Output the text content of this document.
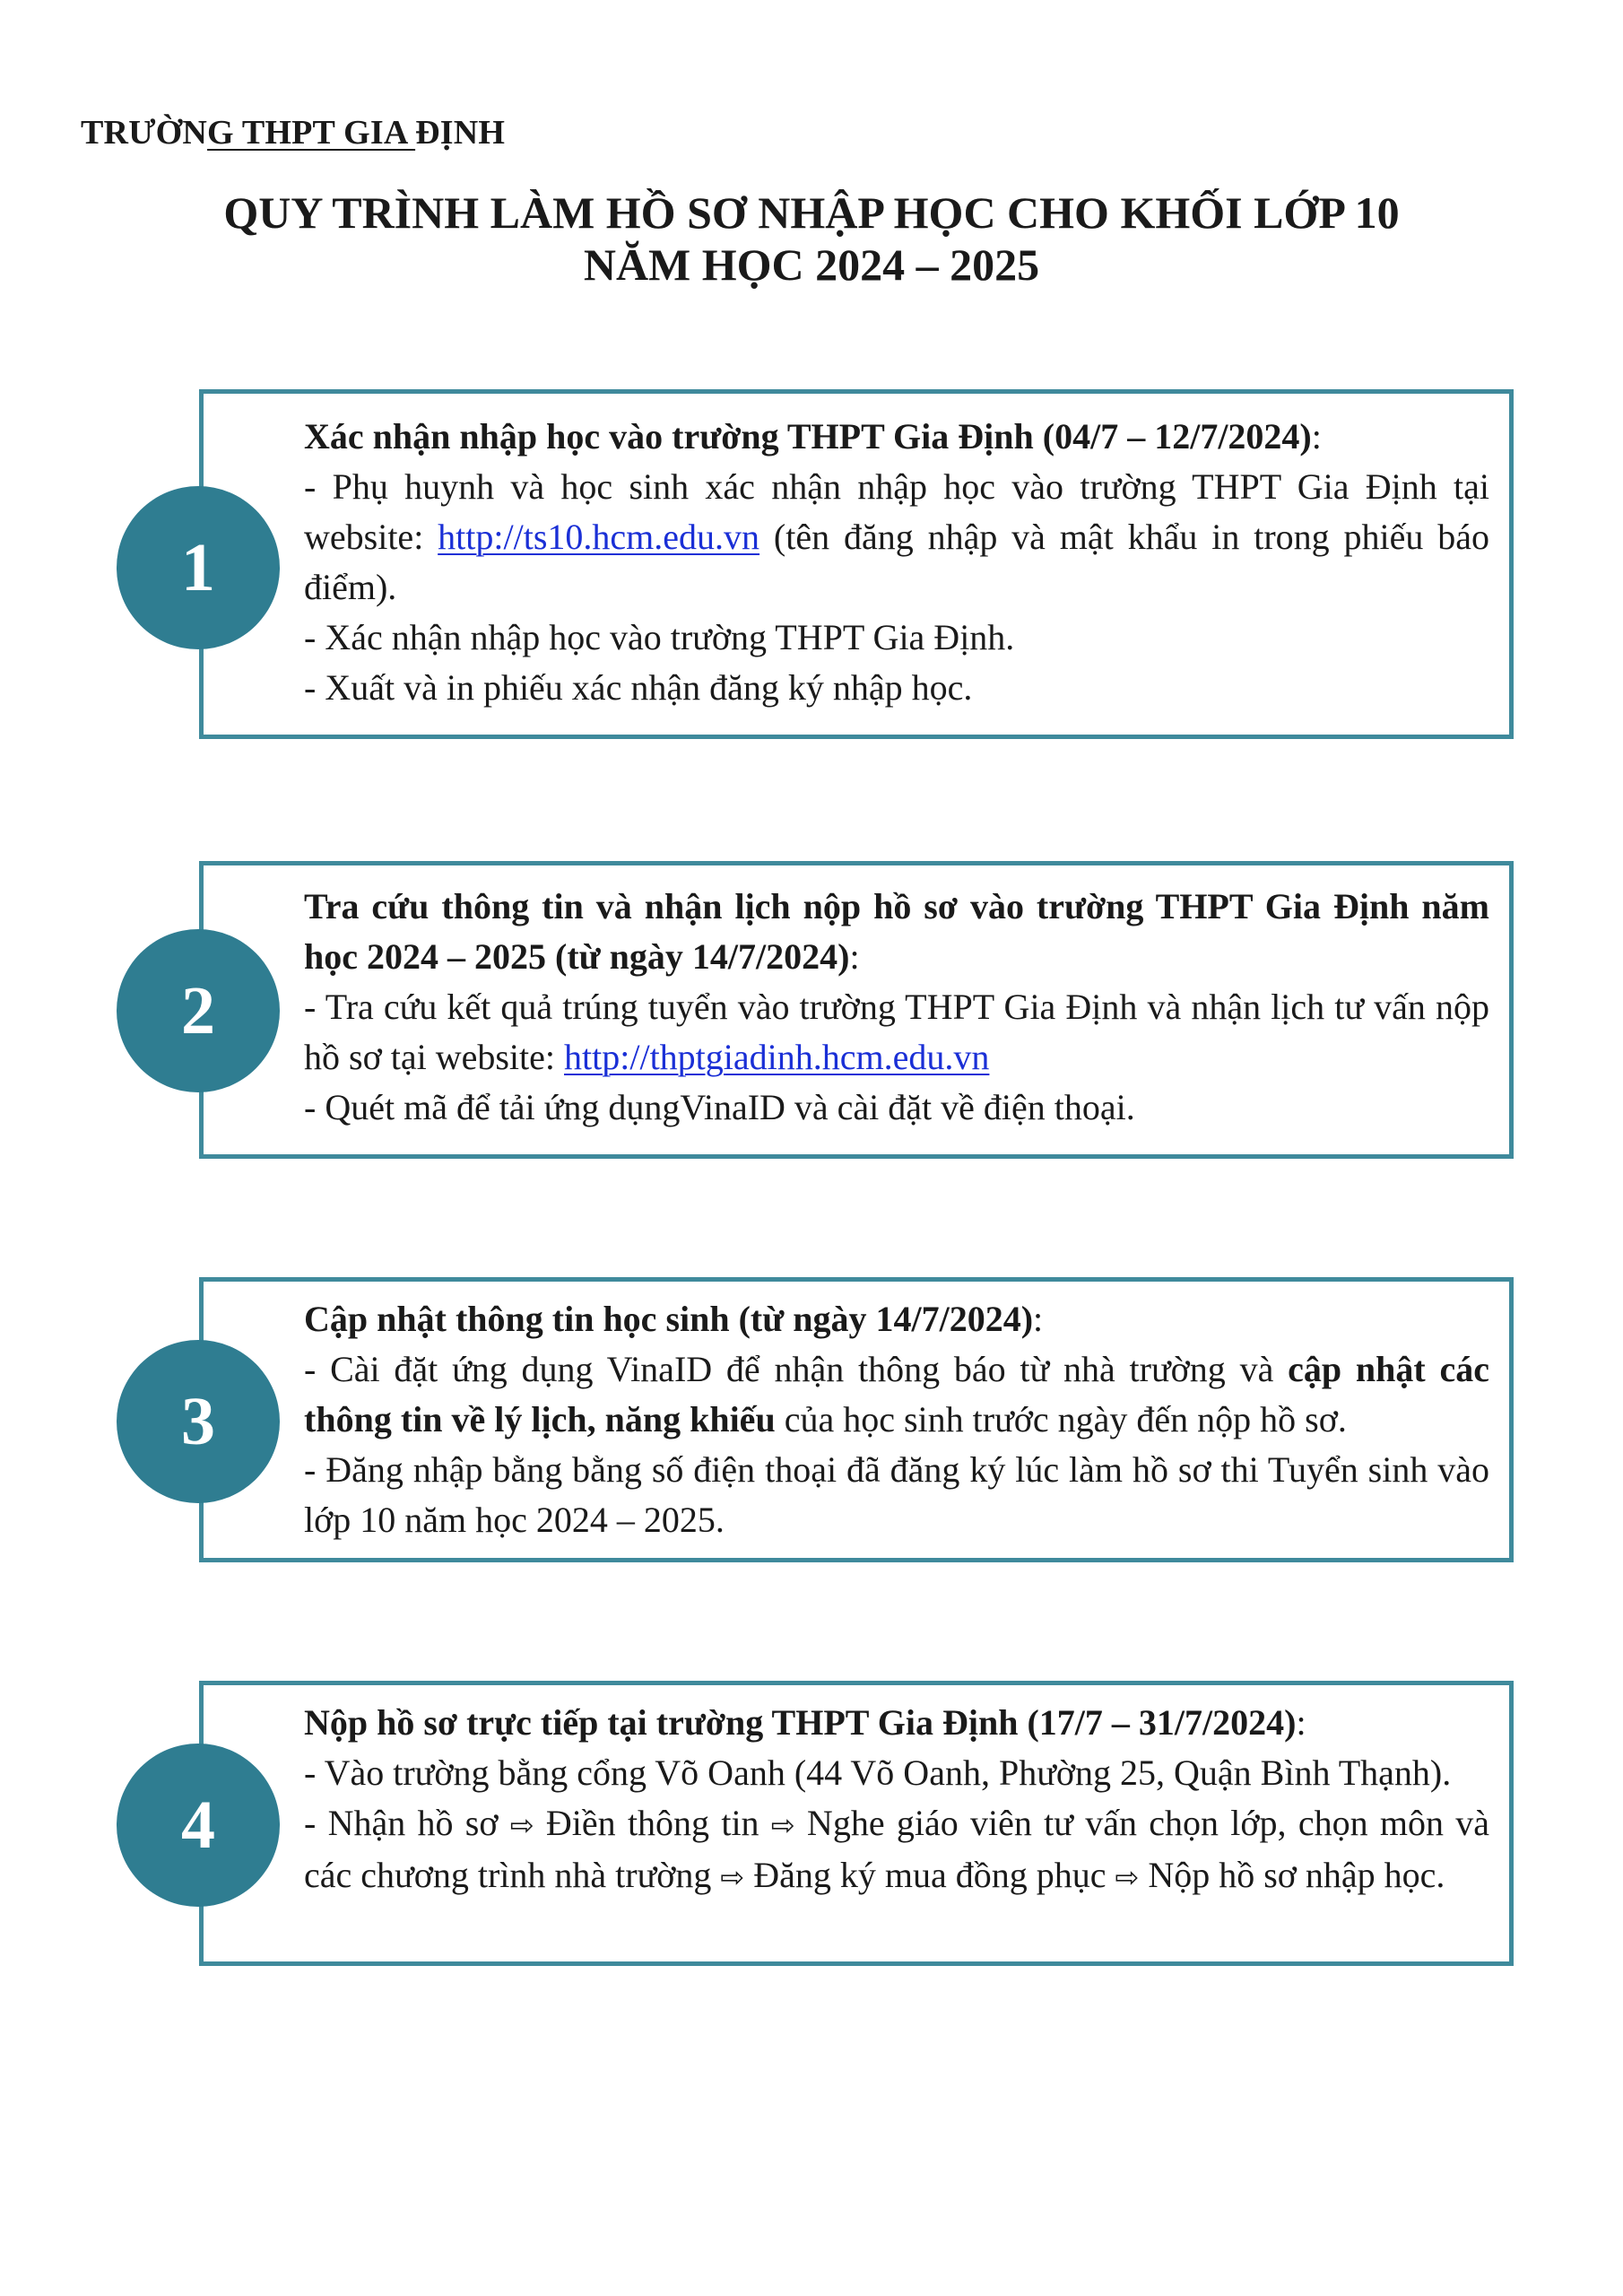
TRƯỜNG THPT GIA ĐỊNH
QUY TRÌNH LÀM HỒ SƠ NHẬP HỌC CHO KHỐI LỚP 10
NĂM HỌC 2024 – 2025

Xác nhận nhập học vào trường THPT Gia Định (04/7 – 12/7/2024):

- Phụ huynh và học sinh xác nhận nhập học vào trường THPT Gia Định tại website: http://ts10.hcm.edu.vn (tên đăng nhập và mật khẩu in trong phiếu báo điểm).

- Xác nhận nhập học vào trường THPT Gia Định.

- Xuất và in phiếu xác nhận đăng ký nhập học.

1

Tra cứu thông tin và nhận lịch nộp hồ sơ vào trường THPT Gia Định năm học 2024 – 2025 (từ ngày 14/7/2024):

- Tra cứu kết quả trúng tuyển vào trường THPT Gia Định và nhận lịch tư vấn nộp hồ sơ tại website: http://thptgiadinh.hcm.edu.vn

- Quét mã để tải ứng dụngVinaID và cài đặt về điện thoại.

2

Cập nhật thông tin học sinh (từ ngày 14/7/2024):

- Cài đặt ứng dụng VinaID để nhận thông báo từ nhà trường và cập nhật các thông tin về lý lịch, năng khiếu của học sinh trước ngày đến nộp hồ sơ.

- Đăng nhập bằng bằng số điện thoại đã đăng ký lúc làm hồ sơ thi Tuyển sinh vào lớp 10 năm học 2024 – 2025.

3

Nộp hồ sơ trực tiếp tại trường THPT Gia Định (17/7 – 31/7/2024):

- Vào trường bằng cổng Võ Oanh (44 Võ Oanh, Phường 25, Quận Bình Thạnh).

- Nhận hồ sơ ⇨ Điền thông tin ⇨ Nghe giáo viên tư vấn chọn lớp, chọn môn và các chương trình nhà trường ⇨ Đăng ký mua đồng phục ⇨ Nộp hồ sơ nhập học.

4
